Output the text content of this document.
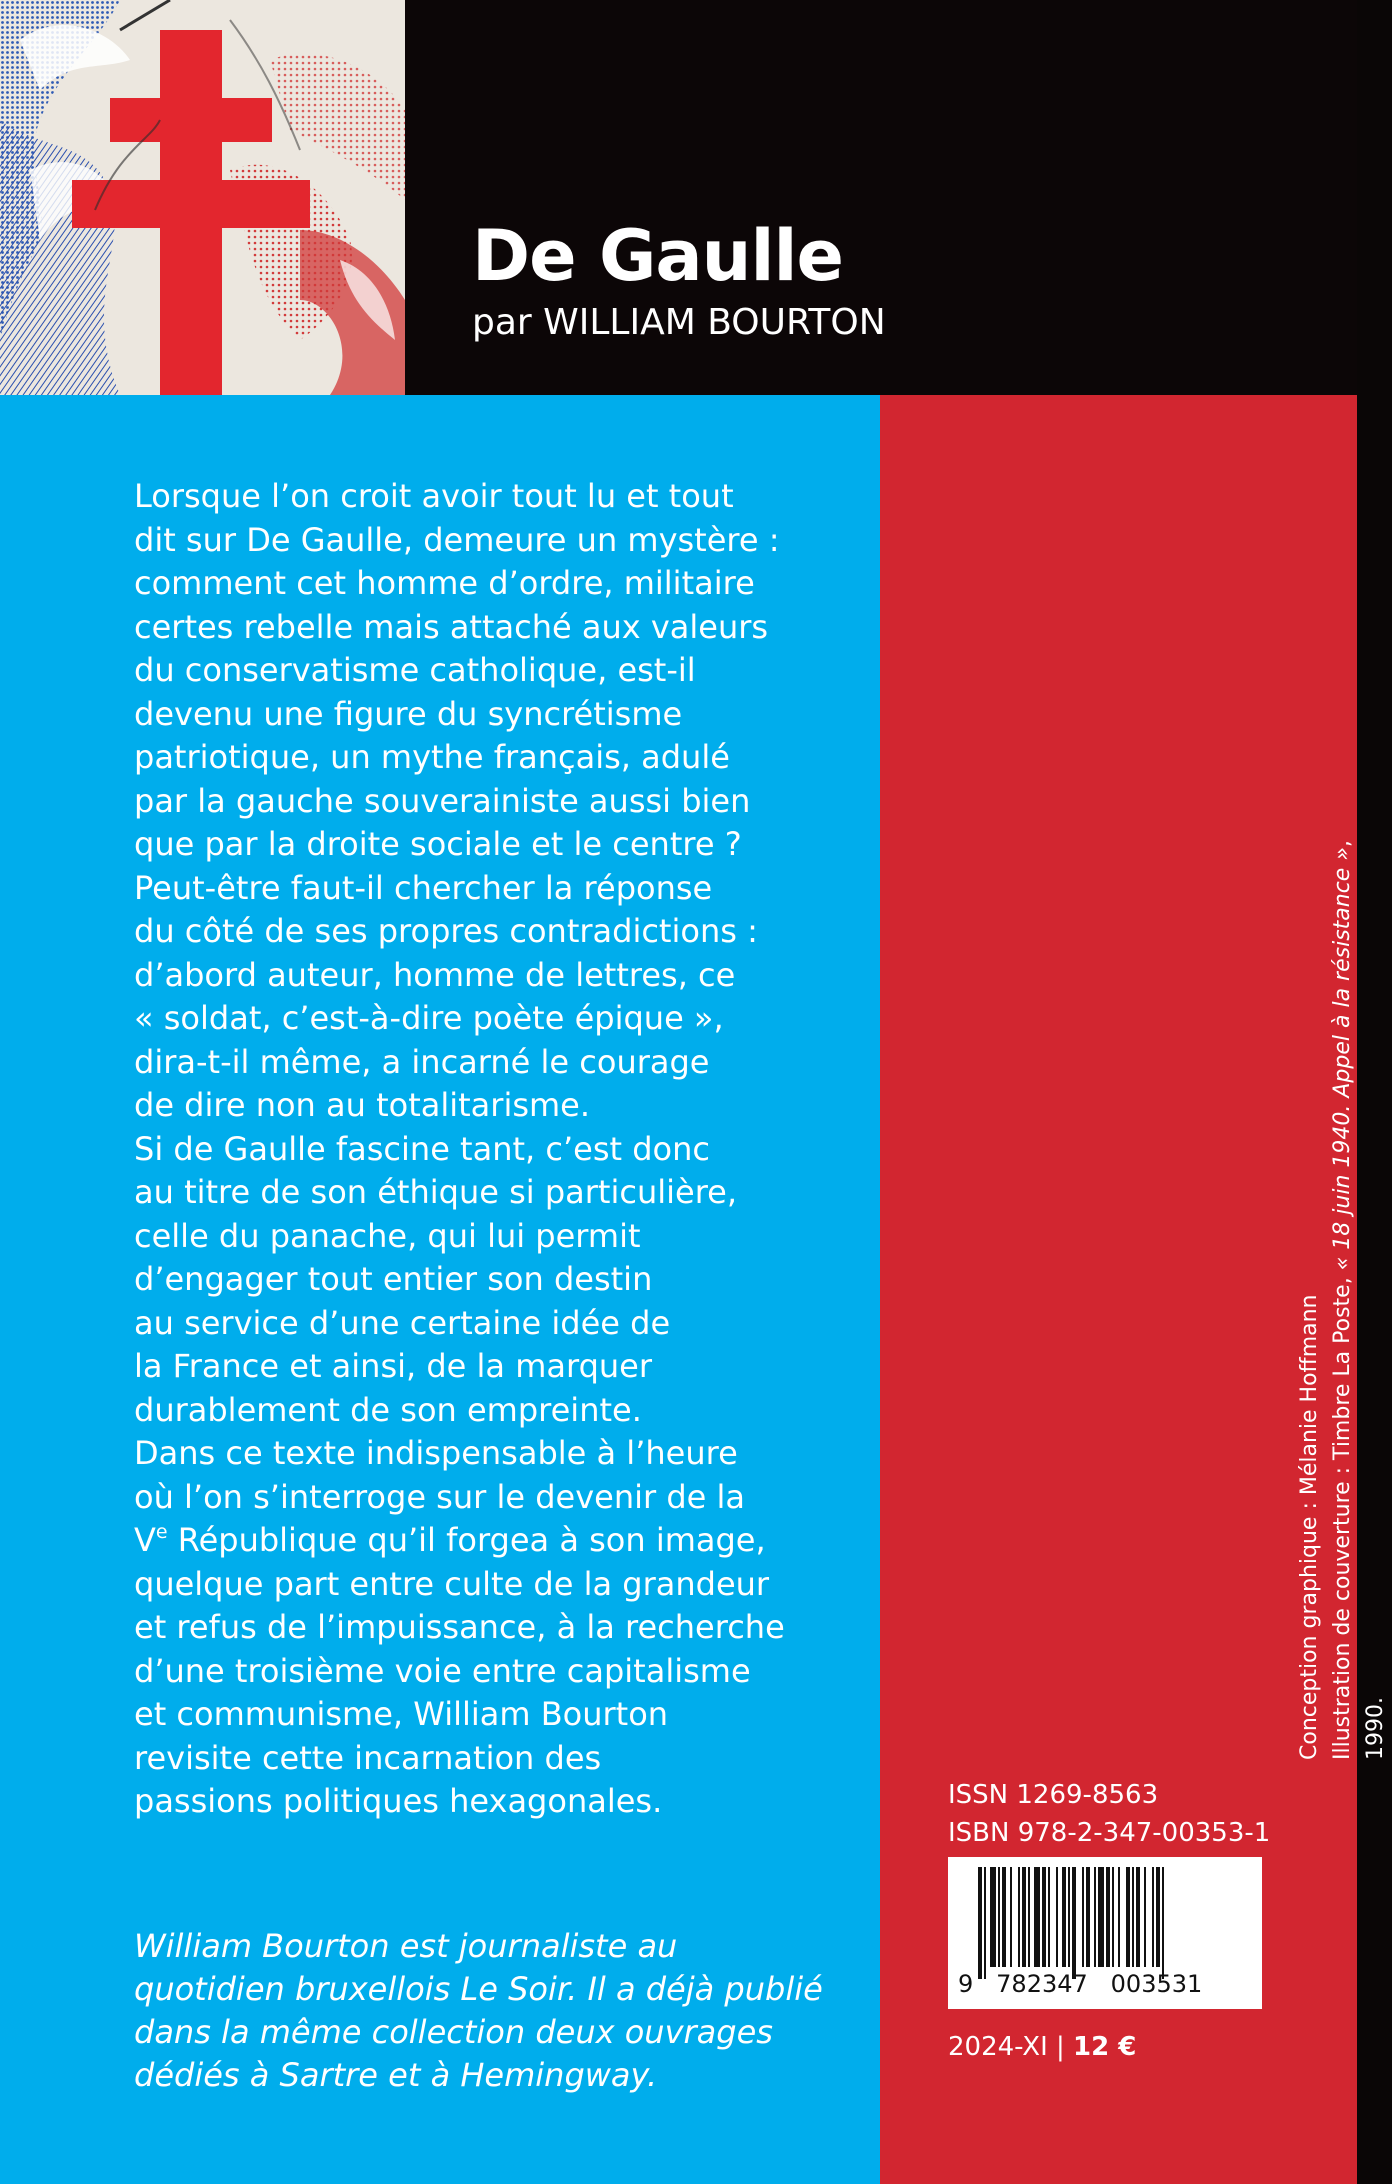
De Gaulle
par WILLIAM BOURTON
Lorsque l’on croit avoir tout lu et tout
dit sur De Gaulle, demeure un mystère :
comment cet homme d’ordre, militaire
certes rebelle mais attaché aux valeurs
du conservatisme catholique, est-il
devenu une figure du syncrétisme
patriotique, un mythe français, adulé
par la gauche souverainiste aussi bien
que par la droite sociale et le centre ?
Peut-être faut-il chercher la réponse
du côté de ses propres contradictions :
d’abord auteur, homme de lettres, ce
« soldat, c’est-à-dire poète épique »,
dira-t-il même, a incarné le courage
de dire non au totalitarisme.
Si de Gaulle fascine tant, c’est donc
au titre de son éthique si particulière,
celle du panache, qui lui permit
d’engager tout entier son destin
au service d’une certaine idée de
la France et ainsi, de la marquer
durablement de son empreinte.
Dans ce texte indispensable à l’heure
où l’on s’interroge sur le devenir de la
Ve République qu’il forgea à son image,
quelque part entre culte de la grandeur
et refus de l’impuissance, à la recherche
d’une troisième voie entre capitalisme
et communisme, William Bourton
revisite cette incarnation des
passions politiques hexagonales.
William Bourton est journaliste au
quotidien bruxellois Le Soir. Il a déjà publié
dans la même collection deux ouvrages
dédiés à Sartre et à Hemingway.
Conception graphique : Mélanie Hoffmann Illustration de couverture : Timbre La Poste, « 18 juin 1940. Appel à la résistance »,
1990.
ISSN 1269-8563
ISBN 978-2-347-00353-1
9   782347   003531
2024-XI | 12 €
